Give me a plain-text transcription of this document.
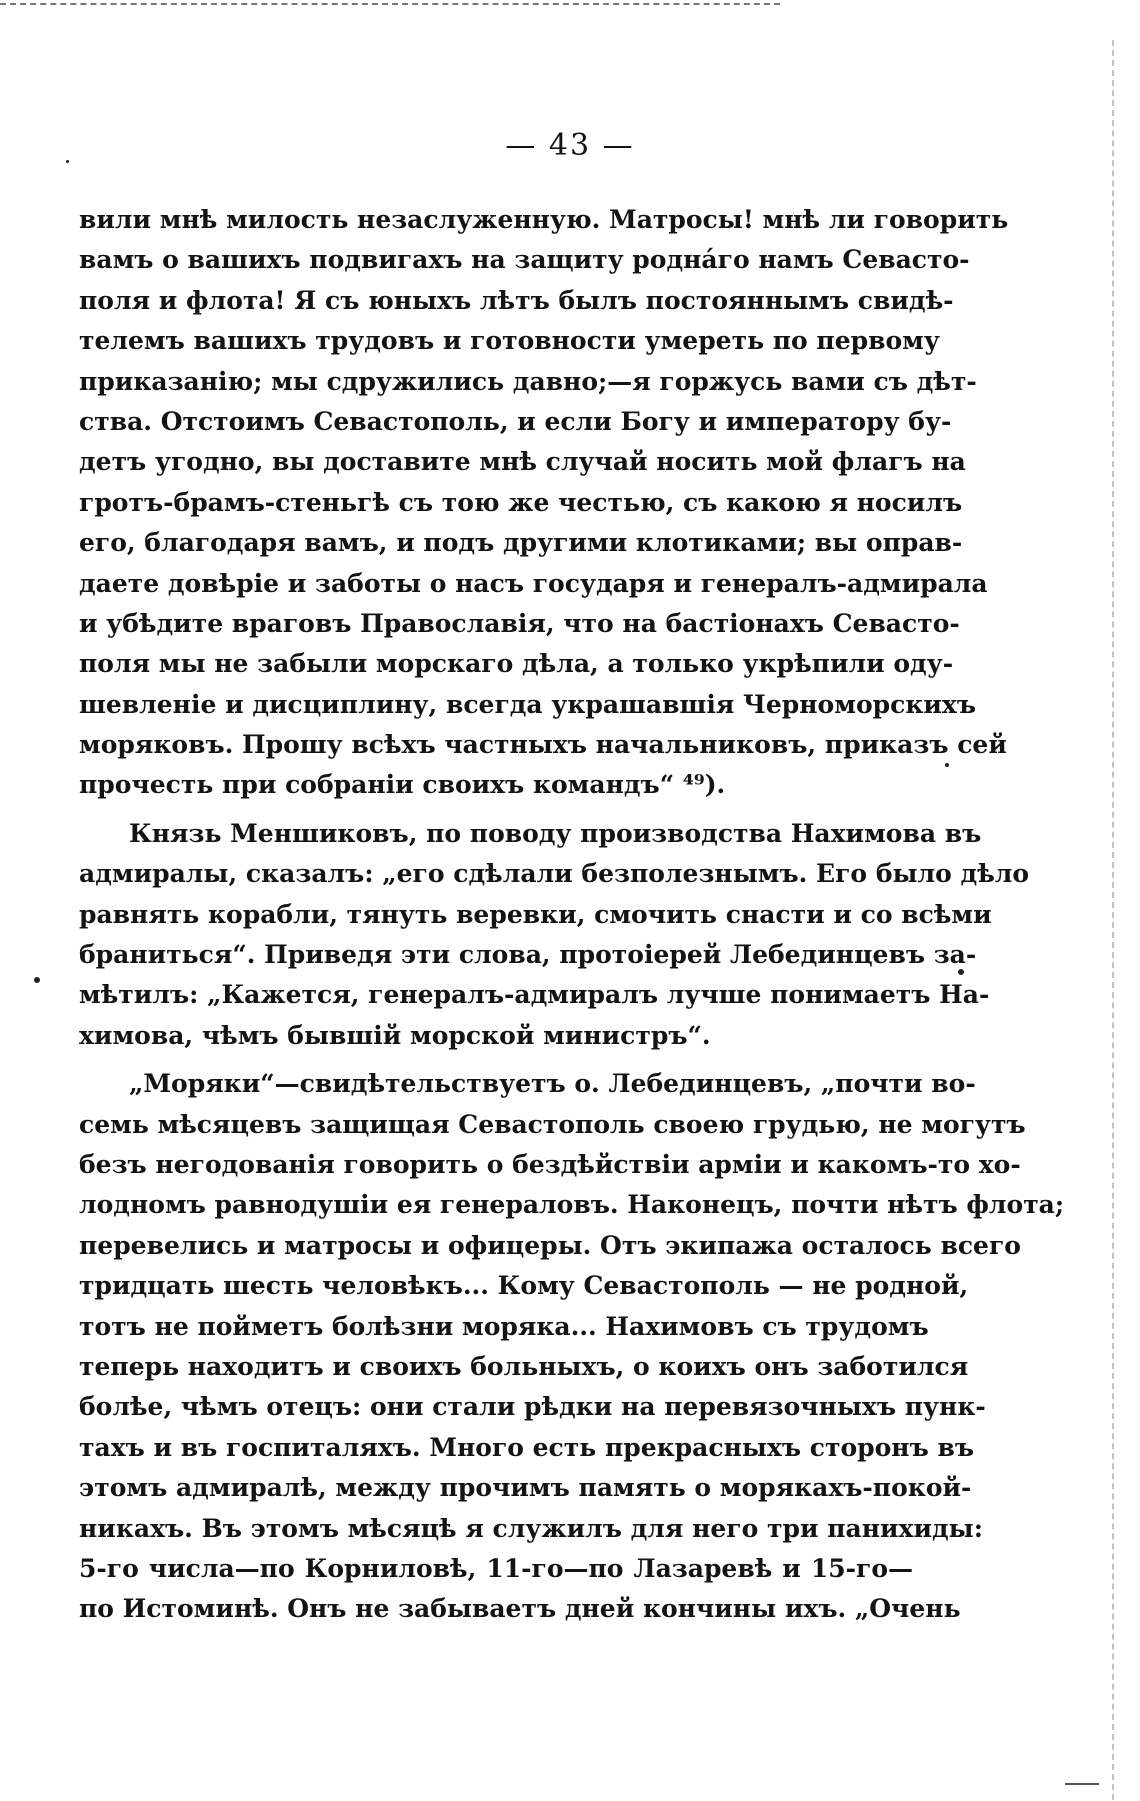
— 43 —
вили мнѣ милость незаслуженную. Матросы! мнѣ ли говорить
вамъ о вашихъ подвигахъ на защиту роднáго намъ Севасто-
поля и флота! Я съ юныхъ лѣтъ былъ постояннымъ свидѣ-
телемъ вашихъ трудовъ и готовности умереть по первому
приказанію; мы сдружились давно;—я горжусь вами съ дѣт-
ства. Отстоимъ Севастополь, и если Богу и императору бу-
детъ угодно, вы доставите мнѣ случай носить мой флагъ на
гротъ-брамъ-стеньгѣ съ тою же честью, съ какою я носилъ
его, благодаря вамъ, и подъ другими клотиками; вы оправ-
даете довѣріе и заботы о насъ государя и генералъ-адмирала
и убѣдите враговъ Православія, что на бастіонахъ Севасто-
поля мы не забыли морскаго дѣла, а только укрѣпили оду-
шевленіе и дисциплину, всегда украшавшія Черноморскихъ
моряковъ. Прошу всѣхъ частныхъ начальниковъ, приказъ сей
прочесть при собраніи своихъ командъ“ ⁴⁹).
Князь Меншиковъ, по поводу производства Нахимова въ
адмиралы, сказалъ: „его сдѣлали безполезнымъ. Его было дѣло
равнять корабли, тянуть веревки, смочить снасти и со всѣми
браниться“. Приведя эти слова, протоіерей Лебединцевъ за-
мѣтилъ: „Кажется, генералъ-адмиралъ лучше понимаетъ На-
химова, чѣмъ бывшій морской министръ“.
„Моряки“—свидѣтельствуетъ о. Лебединцевъ, „почти во-
семь мѣсяцевъ защищая Севастополь своею грудью, не могутъ
безъ негодованія говорить о бездѣйствіи арміи и какомъ-то хо-
лодномъ равнодушіи ея генераловъ. Наконецъ, почти нѣтъ флота;
перевелись и матросы и офицеры. Отъ экипажа осталось всего
тридцать шесть человѣкъ... Кому Севастополь — не родной,
тотъ не пойметъ болѣзни моряка... Нахимовъ съ трудомъ
теперь находитъ и своихъ больныхъ, о коихъ онъ заботился
болѣе, чѣмъ отецъ: они стали рѣдки на перевязочныхъ пунк-
тахъ и въ госпиталяхъ. Много есть прекрасныхъ сторонъ въ
этомъ адмиралѣ, между прочимъ память о морякахъ-покой-
никахъ. Въ этомъ мѣсяцѣ я служилъ для него три панихиды:
5-го числа—по Корниловѣ, 11-го—по Лазаревѣ и 15-го—
по Истоминѣ. Онъ не забываетъ дней кончины ихъ. „Очень
